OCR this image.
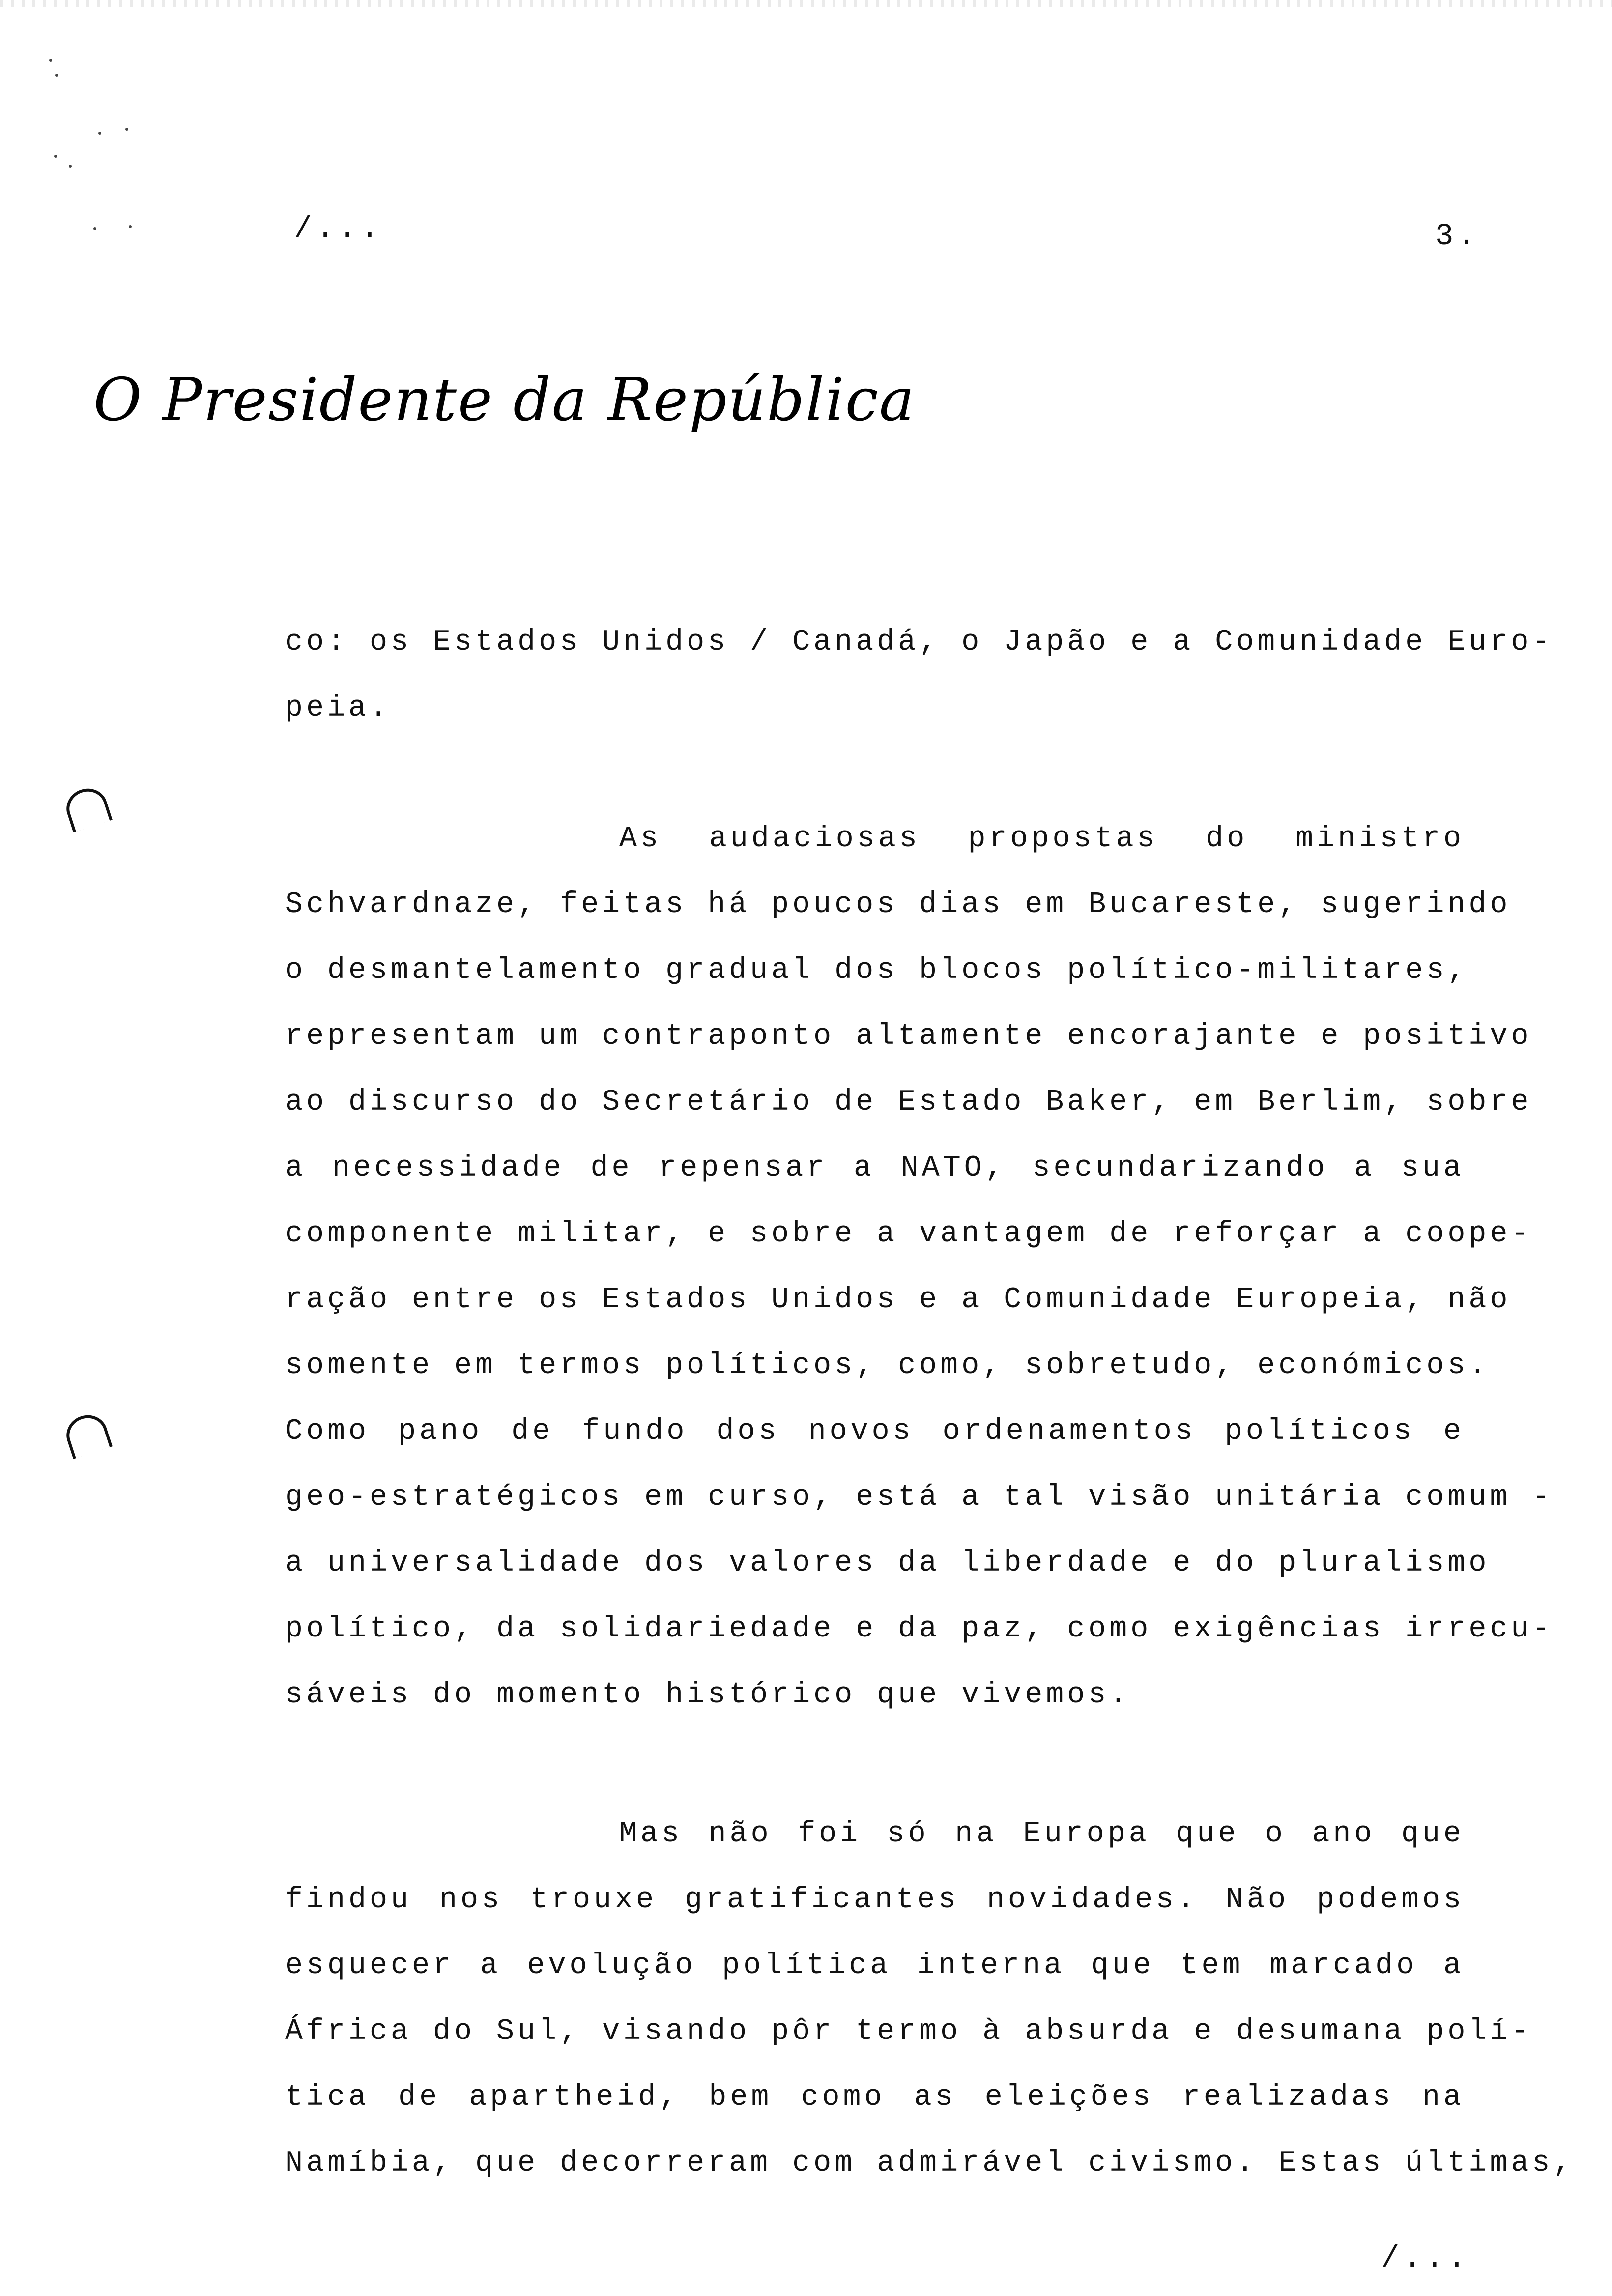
/...	3.
O Presidente da República
co: os Estados Unidos / Canadá, o Japão e a Comunidade Euro-
peia.
As audaciosas propostas do ministro
Schvardnaze, feitas há poucos dias em Bucareste, sugerindo
o desmantelamento gradual dos blocos político-militares,
representam um contraponto altamente encorajante e positivo
ao discurso do Secretário de Estado Baker, em Berlim, sobre
a necessidade de repensar a NATO, secundarizando a sua
componente militar, e sobre a vantagem de reforçar a coope-
ração entre os Estados Unidos e a Comunidade Europeia, não
somente em termos políticos, como, sobretudo, económicos.
Como pano de fundo dos novos ordenamentos políticos e
geo-estratégicos em curso, está a tal visão unitária comum -
a universalidade dos valores da liberdade e do pluralismo
político, da solidariedade e da paz, como exigências irrecu-
sáveis do momento histórico que vivemos.
Mas não foi só na Europa que o ano que
findou nos trouxe gratificantes novidades. Não podemos
esquecer a evolução política interna que tem marcado a
África do Sul, visando pôr termo à absurda e desumana polí-
tica de apartheid, bem como as eleições realizadas na
Namíbia, que decorreram com admirável civismo. Estas últimas,
/...
